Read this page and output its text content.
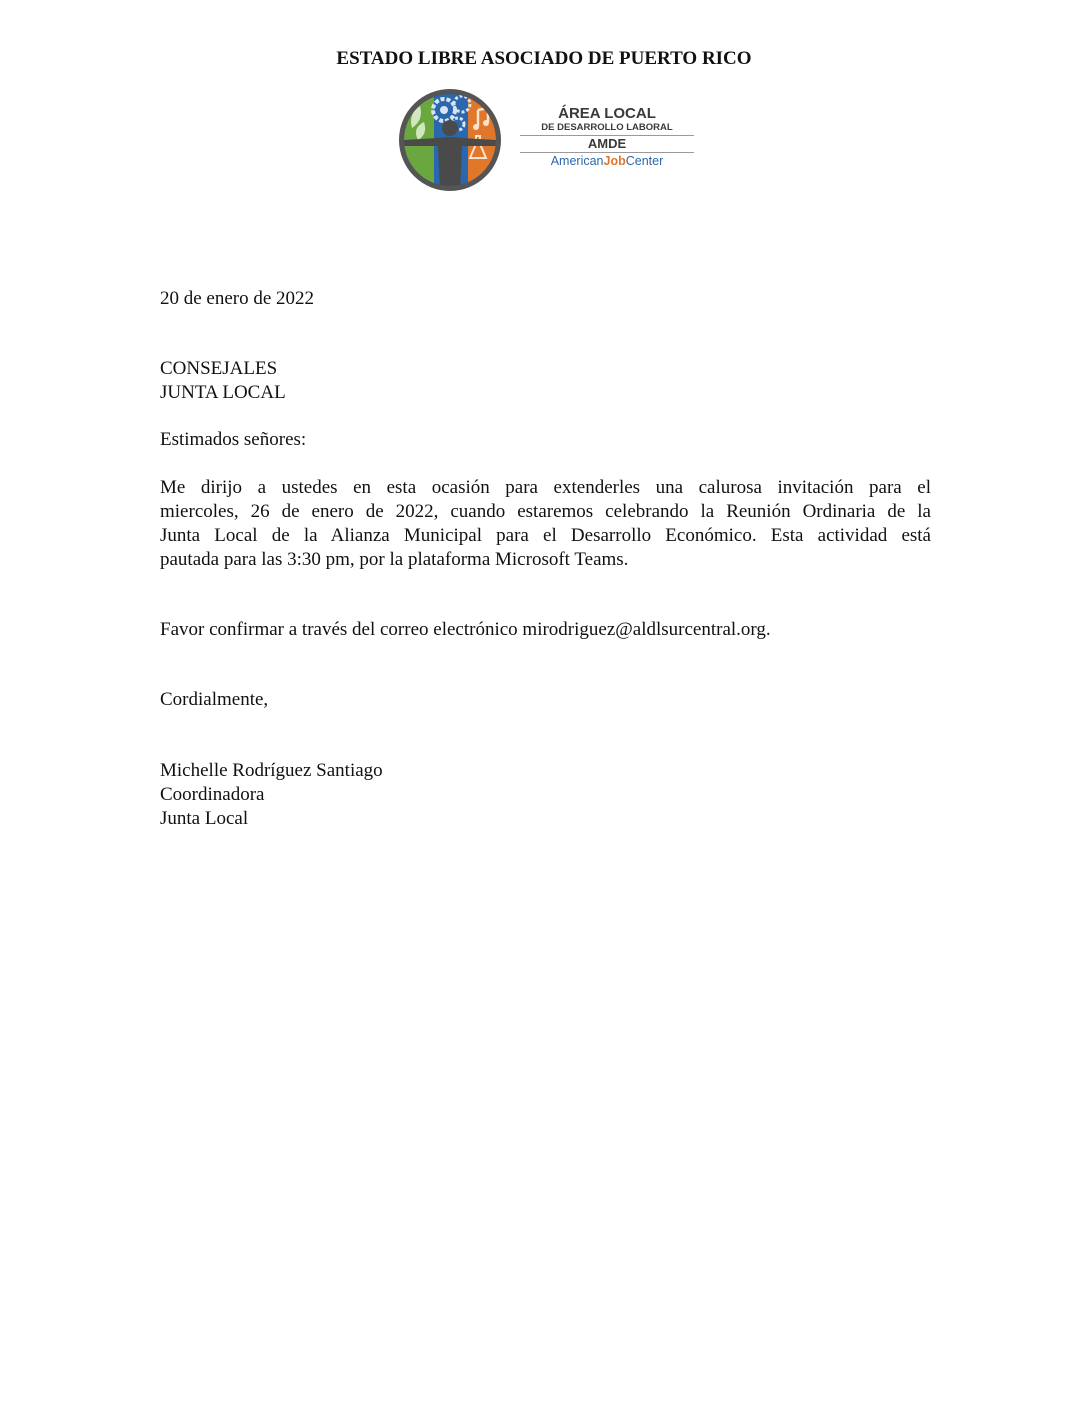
ESTADO LIBRE ASOCIADO DE PUERTO RICO
ÁREA LOCAL
DE DESARROLLO LABORAL
AMDE
AmericanJobCenter
20 de enero de 2022
CONSEJALES
JUNTA LOCAL
Estimados señores:
Me dirijo a ustedes en esta ocasión para extenderles una calurosa invitación para el
miercoles, 26 de enero de 2022, cuando estaremos celebrando la Reunión Ordinaria de la
Junta Local de la Alianza Municipal para el Desarrollo Económico. Esta actividad está
pautada para las 3:30 pm, por la plataforma Microsoft Teams.
Favor confirmar a través del correo electrónico mirodriguez@aldlsurcentral.org.
Cordialmente,
Michelle Rodríguez Santiago
Coordinadora
Junta Local
